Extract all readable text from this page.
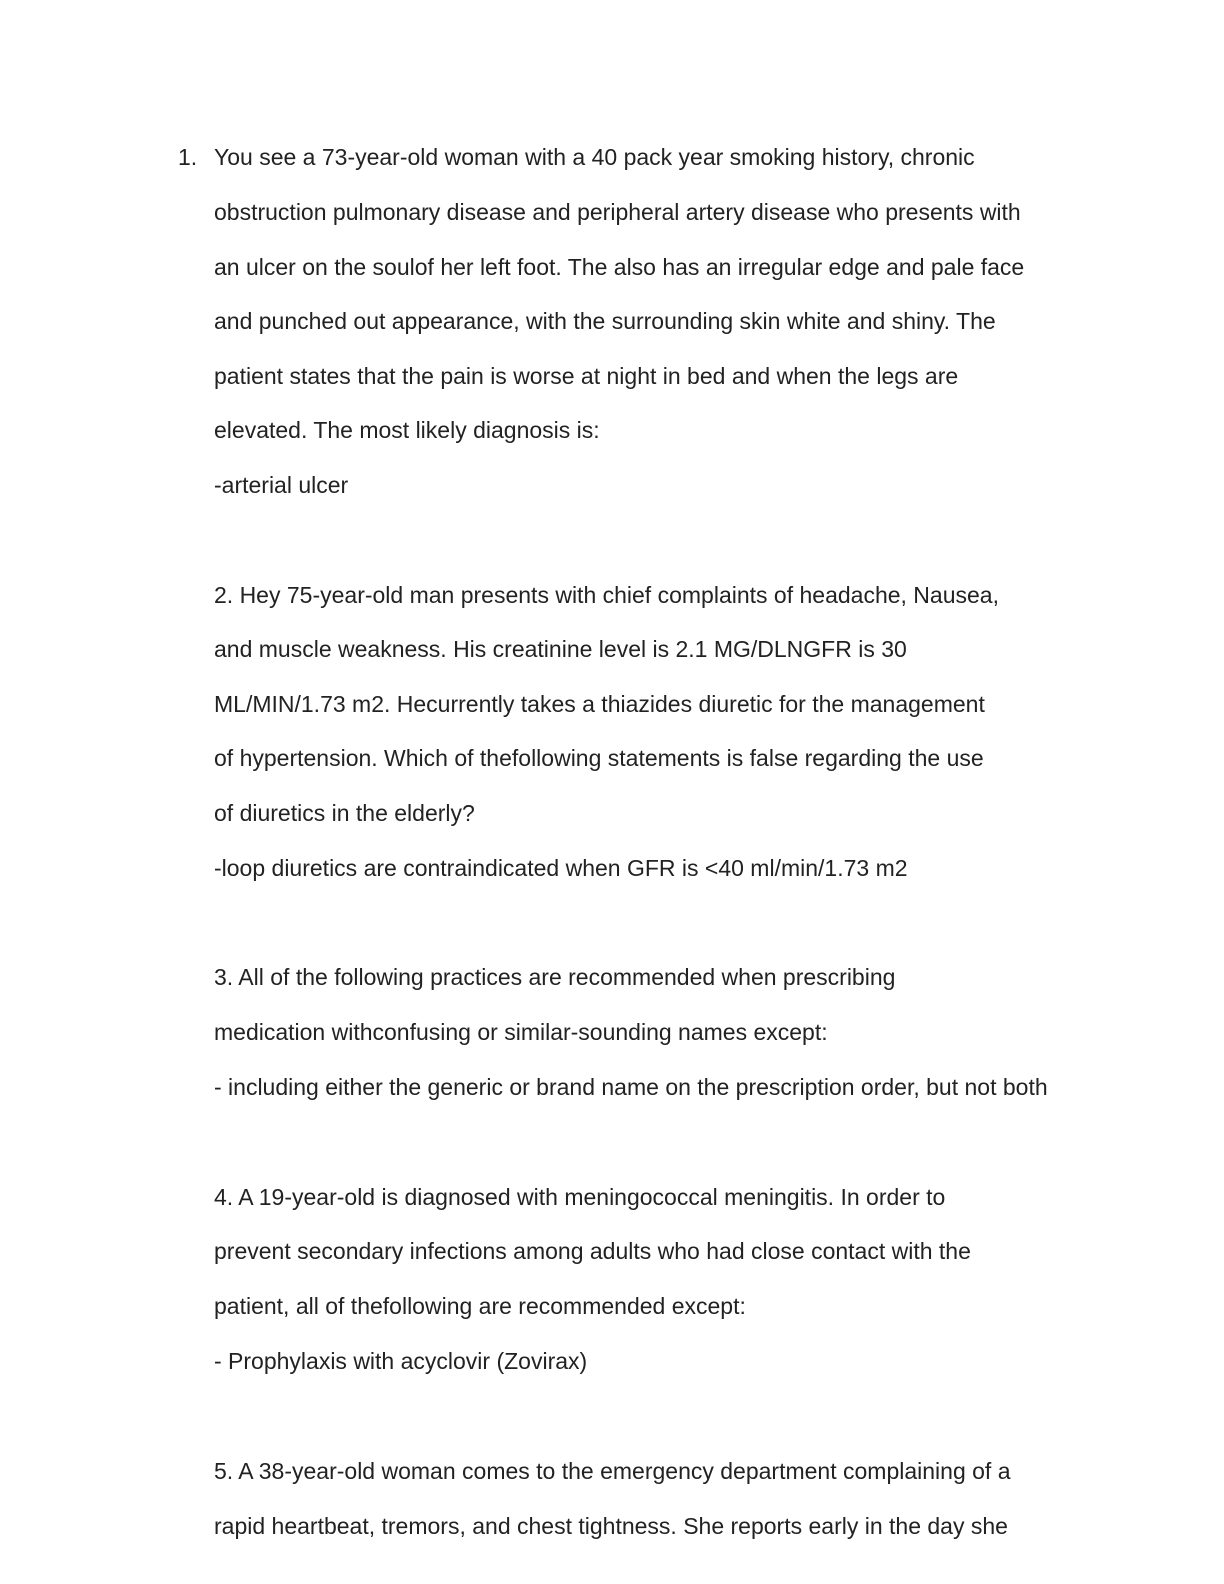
1. You see a 73-year-old woman with a 40 pack year smoking history, chronic
obstruction pulmonary disease and peripheral artery disease who presents with
an ulcer on the soulof her left foot. The also has an irregular edge and pale face
and punched out appearance, with the surrounding skin white and shiny. The
patient states that the pain is worse at night in bed and when the legs are
elevated. The most likely diagnosis is:
-arterial ulcer
2. Hey 75-year-old man presents with chief complaints of headache, Nausea,
and muscle weakness. His creatinine level is 2.1 MG/DLNGFR is 30
ML/MIN/1.73 m2. Hecurrently takes a thiazides diuretic for the management
of hypertension. Which of thefollowing statements is false regarding the use
of diuretics in the elderly?
-loop diuretics are contraindicated when GFR is <40 ml/min/1.73 m2
3. All of the following practices are recommended when prescribing
medication withconfusing or similar-sounding names except:
- including either the generic or brand name on the prescription order, but not both
4. A 19-year-old is diagnosed with meningococcal meningitis. In order to
prevent secondary infections among adults who had close contact with the
patient, all of thefollowing are recommended except:
- Prophylaxis with acyclovir (Zovirax)
5. A 38-year-old woman comes to the emergency department complaining of a
rapid heartbeat, tremors, and chest tightness. She reports early in the day she
